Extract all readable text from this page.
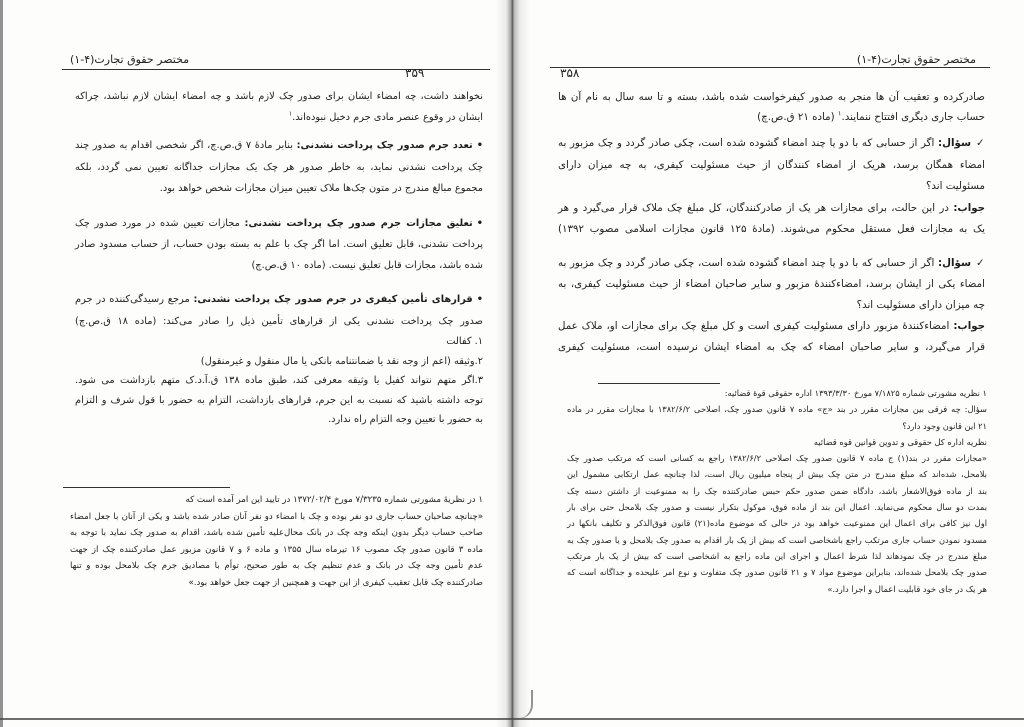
مختصر حقوق تجارت(۴-۱)
۳۵۹
نخواهند داشت، چه امضاء ایشان برای صدور چک لازم باشد و چه امضاء ایشان لازم نباشد، چراکه
ایشان در وقوع عنصر مادی جرم دخیل نبوده‌اند.$^۱$
• تعدد جرم صدور چک پرداخت نشدنی: بنابر مادهٔ ۷ ق.ص.چ، اگر شخصی اقدام به صدور چند
چک پرداخت نشدنی نماید، به خاطر صدور هر چک یک مجازات جداگانه تعیین نمی گردد، بلکه
مجموع مبالغ مندرج در متون چک‌ها ملاک تعیین میزان مجازات شخص خواهد بود.
• تعلیق مجازات جرم صدور چک پرداخت نشدنی: مجازات تعیین شده در مورد صدور چک
پرداخت نشدنی، قابل تعلیق است. اما اگر چک با علم به بسته بودن حساب، از حساب مسدود صادر
شده باشد، مجازات قابل تعلیق نیست. (ماده ۱۰ ق.ص.چ)
• قرارهای تأمین کیفری در جرم صدور چک پرداخت نشدنی: مرجع رسیدگی‌کننده در جرم
صدور چک پرداخت نشدنی یکی از قرارهای تأمین ذیل را صادر می‌کند: (ماده ۱۸ ق.ص.چ)
۱. کفالت
۲.وثیقه (اعم از وجه نقد یا ضمانتنامه بانکی یا مال منقول و غیرمنقول)
۳.اگر متهم نتواند کفیل یا وثیقه معرفی کند، طبق ماده ۱۳۸ ق.آ.د.ک متهم بازداشت می شود.
توجه داشته باشید که نسبت به این جرم، قرارهای بازداشت، التزام به حضور با قول شرف و التزام
به حضور با تعیین وجه التزام راه ندارد.
۱ در نظریهٔ مشورتی شماره ۷/۳۲۳۵ مورخ ۱۳۷۲/۰۲/۴ در تایید این امر آمده است که
«چنانچه صاحبان حساب جاری دو نفر بوده و چک با امضاء دو نفر آنان صادر شده باشد و یکی از آنان با جعل امضاء
صاحب حساب دیگر بدون اینکه وجه چک در بانک محال‌علیه تأمین شده باشد، اقدام به صدور چک نماید با توجه به
ماده ۳ قانون صدور چک مصوب ۱۶ تیرماه سال ۱۳۵۵ و ماده ۶ و ۷ قانون مزبور عمل صادرکننده چک از جهت
عدم تأمین وجه چک در بانک و عدم تنظیم چک به طور صحیح، توأم با مصادیق جرم چک بلامحل بوده و تنها
صادرکننده چک قابل تعقیب کیفری از این جهت و همچنین از جهت جعل خواهد بود.»
مختصر حقوق تجارت(۴-۱)
۳۵۸
صادرکرده و تعقیب آن ها منجر به صدور کیفرخواست شده باشد، بسته و تا سه سال به نام آن ها
حساب جاری دیگری افتتاح ننمایند.$^۱$ (ماده ۲۱ ق.ص.چ)
✓ سؤال: اگر از حسابی که با دو یا چند امضاء گشوده شده است، چکی صادر گردد و چک مزبور به
امضاء همگان برسد، هریک از امضاء کنندگان از حیث مسئولیت کیفری، به چه میزان دارای
مسئولیت اند؟
جواب: در این حالت، برای مجازات هر یک از صادرکنندگان، کل مبلغ چک ملاک قرار می‌گیرد و هر
یک به مجازات فعل مستقل محکوم می‌شوند. (مادهٔ ۱۲۵ قانون مجازات اسلامی مصوب ۱۳۹۲)
✓ سؤال: اگر از حسابی که با دو یا چند امضاء گشوده شده است، چکی صادر گردد و چک مزبور به
امضاء یکی از ایشان برسد، امضاءکنندهٔ مزبور و سایر صاحبان امضاء از حیث مسئولیت کیفری، به
چه میزان دارای مسئولیت اند؟
جواب: امضاءکنندهٔ مزبور دارای مسئولیت کیفری است و کل مبلغ چک برای مجازات او، ملاک عمل
قرار می‌گیرد، و سایر صاحبان امضاء که چک به امضاء ایشان نرسیده است، مسئولیت کیفری
۱ نظریه مشورتی شماره ۷/۱۸۲۵ مورخ ۱۳۹۳/۳/۳۰ اداره حقوقی قوهٔ قضائیه:
سؤال: چه فرقی بین مجازات مقرر در بند «ج» ماده ۷ قانون صدور چک، اصلاحی ۱۳۸۲/۶/۲ با مجازات مقرر در ماده
۲۱ این قانون وجود دارد؟
نظریه اداره کل حقوقی و تدوین قوانین قوه قضائیه
«مجازات مقرر در بند(۱) ج ماده ۷ قانون صدور چک اصلاحی ۱۳۸۲/۶/۲ راجع به کسانی است که مرتکب صدور چک
بلامحل، شده‌اند که مبلغ مندرج در متن چک بیش از پنجاه میلیون ریال است، لذا چنانچه عمل ارتکابی مشمول این
بند از ماده فوق‌الاشعار باشد، دادگاه ضمن صدور حکم حبس صادرکننده چک را به ممنوعیت از داشتن دسته چک
بمدت دو سال محکوم می‌نماید. اعمال این بند از ماده فوق، موکول بتکرار نیست و صدور چک بلامحل حتی برای بار
اول نیز کافی برای اعمال این ممنوعیت خواهد بود در حالی که موضوع ماده(۲۱) قانون فوق‌الذکر و تکلیف بانکها در
مسدود نمودن حساب جاری مرتکب راجع باشخاصی است که بیش از یک بار اقدام به صدور چک بلامحل و یا صدور چک به
مبلغ مندرج در چک نمودهاند لذا شرط اعمال و اجرای این ماده راجع به اشخاصی است که بیش از یک بار مرتکب
صدور چک بلامحل شده‌اند، بنابراین موضوع مواد ۷ و ۲۱ قانون صدور چک متفاوت و نوع امر علیحده و جداگانه است که
هر یک در جای خود قابلیت اعمال و اجرا دارد.»
